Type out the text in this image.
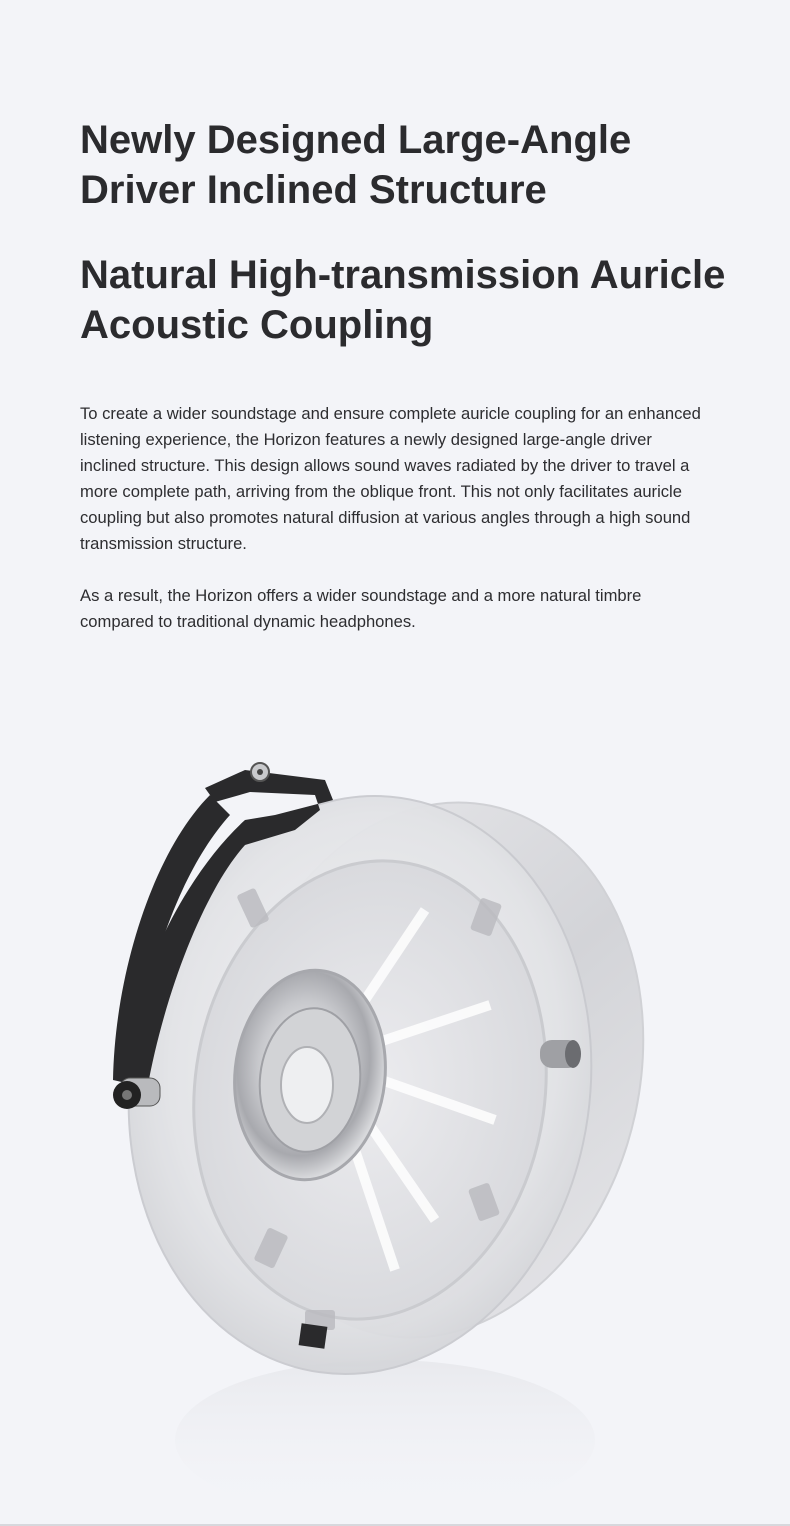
Newly Designed Large-Angle Driver Inclined Structure
Natural High-transmission Auricle Acoustic Coupling

To create a wider soundstage and ensure complete auricle coupling for an enhanced listening experience, the Horizon features a newly designed large-angle driver inclined structure. This design allows sound waves radiated by the driver to travel a more complete path, arriving from the oblique front. This not only facilitates auricle coupling but also promotes natural diffusion at various angles through a high sound transmission structure.

As a result, the Horizon offers a wider soundstage and a more natural timbre compared to traditional dynamic headphones.
